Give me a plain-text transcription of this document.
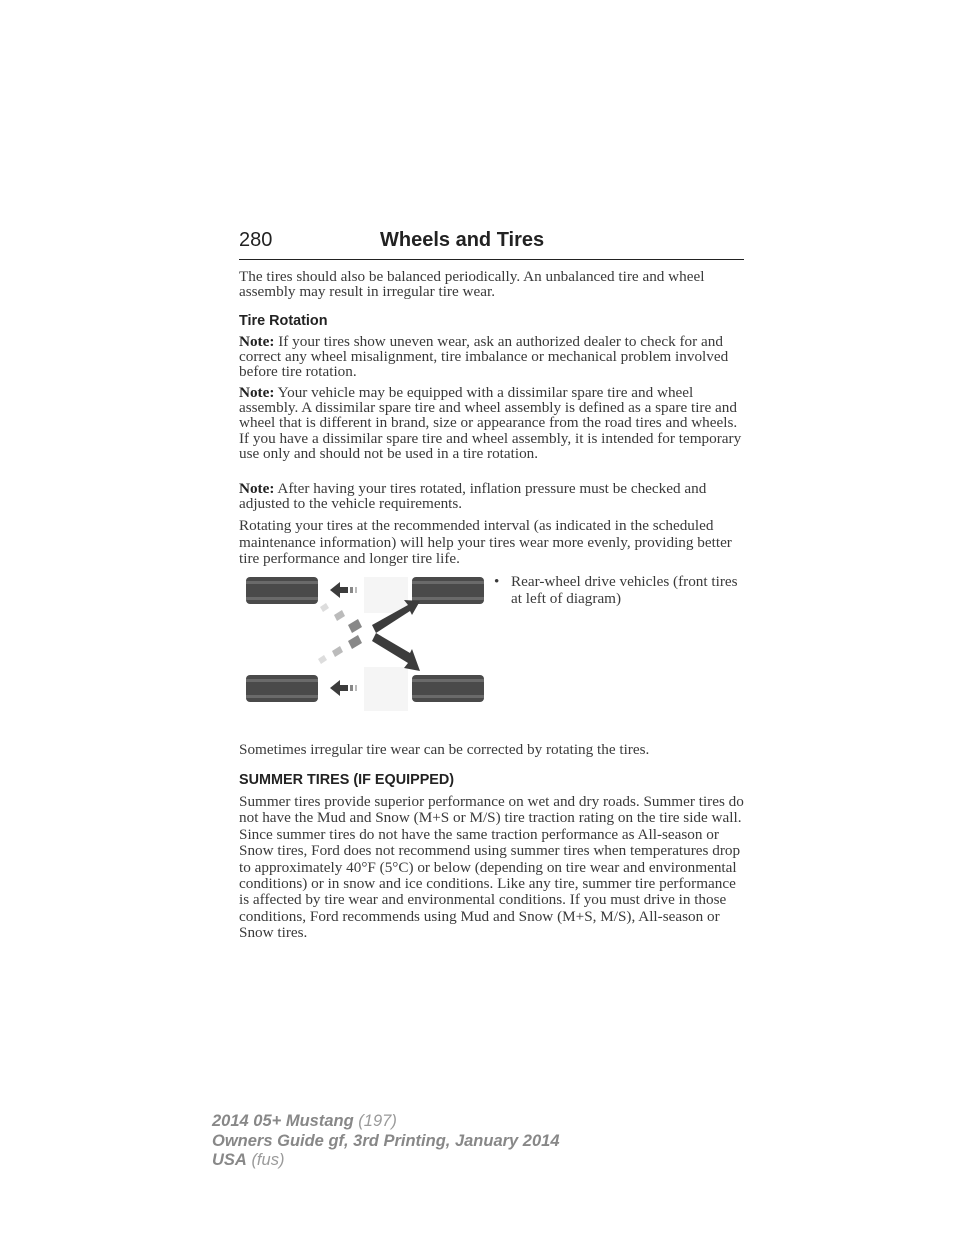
280	Wheels and Tires

The tires should also be balanced periodically. An unbalanced tire and wheel assembly may result in irregular tire wear.

Tire Rotation

Note: If your tires show uneven wear, ask an authorized dealer to check for and correct any wheel misalignment, tire imbalance or mechanical problem involved before tire rotation.

Note: Your vehicle may be equipped with a dissimilar spare tire and wheel assembly. A dissimilar spare tire and wheel assembly is defined as a spare tire and wheel that is different in brand, size or appearance from the road tires and wheels. If you have a dissimilar spare tire and wheel assembly, it is intended for temporary use only and should not be used in a tire rotation.

Note: After having your tires rotated, inflation pressure must be checked and adjusted to the vehicle requirements.

Rotating your tires at the recommended interval (as indicated in the scheduled maintenance information) will help your tires wear more evenly, providing better tire performance and longer tire life.

• Rear-wheel drive vehicles (front tires at left of diagram)

Sometimes irregular tire wear can be corrected by rotating the tires.

SUMMER TIRES (IF EQUIPPED)

Summer tires provide superior performance on wet and dry roads. Summer tires do not have the Mud and Snow (M+S or M/S) tire traction rating on the tire side wall. Since summer tires do not have the same traction performance as All-season or Snow tires, Ford does not recommend using summer tires when temperatures drop to approximately 40°F (5°C) or below (depending on tire wear and environmental conditions) or in snow and ice conditions. Like any tire, summer tire performance is affected by tire wear and environmental conditions. If you must drive in those conditions, Ford recommends using Mud and Snow (M+S, M/S), All-season or Snow tires.

2014 05+ Mustang (197)
Owners Guide gf, 3rd Printing, January 2014
USA (fus)
